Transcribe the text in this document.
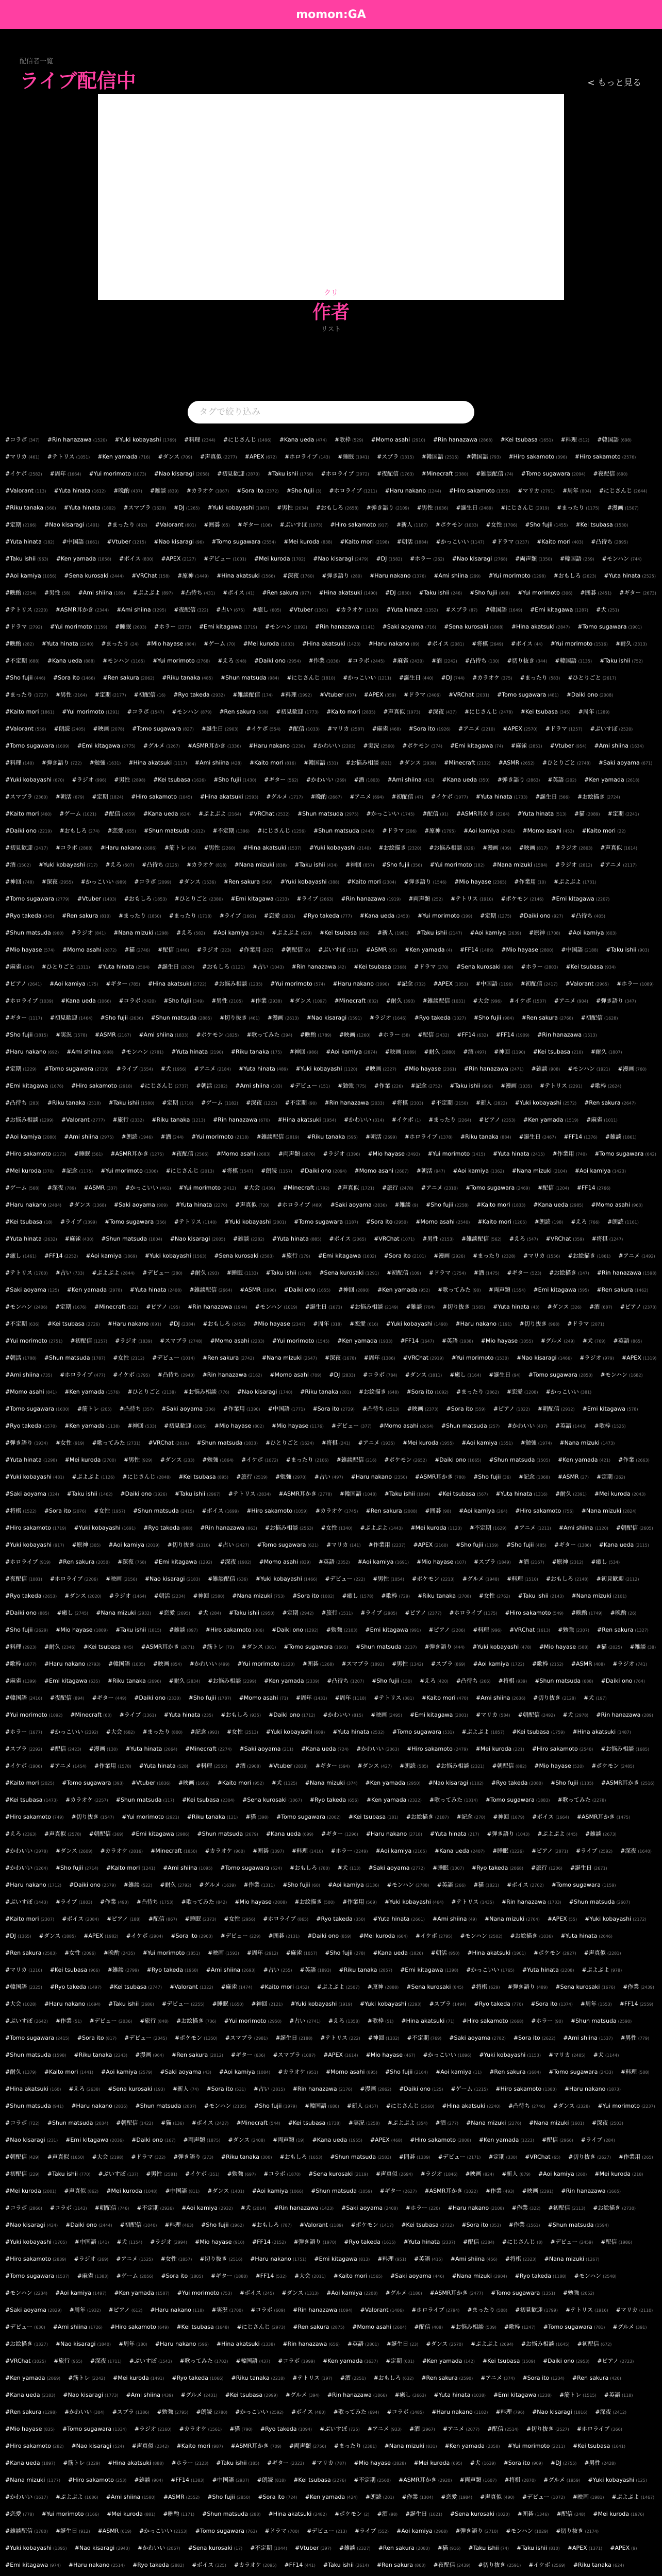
momon:GA
配信者一覧
ライブ配信中	< もっと見る
クリ
作者
リスト
タグで絞り込み
#コラボ (347) #Rin hanazawa (1520) #Yuki kobayashi (1769) #料理 (2344) #にじさんじ (1496) #Kana ueda (474) #歌枠 (529) #Momo asahi (2910) #Rin hanazawa (2868) #Kei tsubasa (1651) #料理 (512) #韓国語 (698)
#マリカ (461) #テトリス (1051) #Ken yamada (716) #ダンス (709) #声真似 (2277) #APEX (672) #ホロライブ (143) #睡眠 (1941) #スプラ (1315) #韓国語 (2516) #韓国語 (793) #Hiro sakamoto (396) #Hiro sakamoto (2576)
#イケボ (2582) #周年 (1664) #Yui morimoto (1073) #Nao kisaragi (2058) #初見歓迎 (2870) #Taku ishii (1758) #ホロライブ (2972) #夜配信 (1763) #Minecraft (2380) #雑談配信 (74) #Tomo sugawara (2094) #夜配信 (690)
#Valorant (113) #Yuta hinata (1612) #晩酌 (437) #雑談 (839) #カラオケ (1067) #Sora ito (2372) #Sho fujii (3) #ホロライブ (1211) #Haru nakano (1244) #Hiro sakamoto (1355) #マリカ (2791) #周年 (804) #にじさんじ (2644)
#Riku tanaka (560) #Yuta hinata (1802) #スマブラ (1620) #DJ (1265) #Yuki kobayashi (1987) #男性 (2034) #おもしろ (2658) #弾き語り (2109) #男性 (1636) #誕生日 (2489) #にじさんじ (2919) #まったり (1175) #漫画 (1507)
#定期 (2166) #Nao kisaragi (1401) #まったり (463) #Valorant (601) #囲碁 (65) #ギター (106) #ぶいすぽ (1973) #Hiro sakamoto (917) #新人 (1187) #ポケモン (1033) #女性 (1706) #Sho fujii (1455) #Kei tsubasa (1530)
#Yuta hinata (182) #中国語 (1661) #Vtuber (1215) #Nao kisaragi (96) #Tomo sugawara (2554) #Mei kuroda (838) #Kaito mori (2198) #朝活 (1884) #かっこいい (1147) #ドラマ (1237) #Kaito mori (403) #凸待ち (2895)
#Taku ishii (963) #Ken yamada (1858) #ボイス (830) #APEX (2127) #デビュー (1001) #Mei kuroda (1702) #Nao kisaragi (2479) #DJ (1582) #ホラー (262) #Nao kisaragi (2768) #両声類 (1350) #韓国語 (259) #モンハン (744)
#Aoi kamiya (1056) #Sena kurosaki (2444) #VRChat (158) #原神 (1449) #Hina akatsuki (1566) #深夜 (1760) #弾き語り (280) #Haru nakano (1376) #Ami shiina (299) #Yui morimoto (1298) #おもしろ (2623) #Yuta hinata (2525)
#晩酌 (2254) #男性 (58) #Ami shiina (189) #ぷよぷよ (897) #凸待ち (431) #ボイス (41) #Ren sakura (977) #Hina akatsuki (1490) #DJ (2830) #Taku ishii (246) #Sho fujii (988) #Yui morimoto (306) #囲碁 (2451) #ギター (2673)
#テトリス (2220) #ASMR耳かき (2344) #Ami shiina (1295) #夜配信 (322) #占い (675) #癒し (605) #Vtuber (1361) #カラオケ (1193) #Yuta hinata (1352) #スプラ (87) #韓国語 (1649) #Emi kitagawa (1287) #犬 (251)
#ドラマ (2792) #Yui morimoto (1159) #睡眠 (2603) #ホラー (2373) #Emi kitagawa (1719) #モンハン (1892) #Rin hanazawa (1141) #Saki aoyama (716) #Sena kurosaki (1868) #Hina akatsuki (2847) #Tomo sugawara (1901)
#晩酌 (282) #Yuta hinata (2240) #まったり (24) #Mio hayase (884) #ゲーム (70) #Mei kuroda (1833) #Hina akatsuki (1423) #Haru nakano (89) #ボイス (2081) #将棋 (2649) #ボイス (44) #Yui morimoto (1516) #耐久 (2313)
#不定期 (688) #Kana ueda (888) #モンハン (1165) #Yui morimoto (2768) #えろ (948) #Daiki ono (2954) #作業 (1036) #コラボ (2445) #麻雀 (2430) #酒 (2242) #凸待ち (130) #切り抜き (344) #韓国語 (1135) #Taku ishii (752)
#Sho fujii (446) #Sora ito (1466) #Ren sakura (2062) #Riku tanaka (485) #Shun matsuda (984) #にじさんじ (1810) #かっこいい (1211) #誕生日 (440) #DJ (744) #カラオケ (375) #まったり (583) #ひとりごと (2617)
#まったり (1727) #男性 (2164) #定期 (2177) #初配信 (16) #Ryo takeda (2932) #雑談配信 (174) #料理 (1992) #Vtuber (637) #APEX (359) #ドラマ (2406) #VRChat (2031) #Tomo sugawara (481) #Daiki ono (2008)
#Kaito mori (1861) #Yui morimoto (1291) #コラボ (1547) #モンハン (879) #Ren sakura (538) #初見歓迎 (1773) #Kaito mori (2835) #声真似 (1973) #深夜 (437) #にじさんじ (2478) #Kei tsubasa (345) #周年 (1289)
#Valorant (559) #朗読 (2405) #映画 (2078) #Tomo sugawara (827) #誕生日 (2903) #イケボ (554) #配信 (1033) #マリカ (2587) #麻雀 (468) #Sora ito (1926) #アニメ (2210) #APEX (2570) #ドラマ (1257) #ぶいすぽ (2520)
#Tomo sugawara (1609) #Emi kitagawa (2775) #グルメ (1267) #ASMR耳かき (1336) #Haru nakano (1230) #かわいい (2202) #実況 (2500) #ポケモン (374) #Emi kitagawa (74) #麻雀 (2851) #Vtuber (954) #Ami shiina (1634)
#料理 (140) #弾き語り (722) #勉強 (1631) #Hina akatsuki (1117) #Ami shiina (428) #Kaito mori (816) #韓国語 (531) #お悩み相談 (821) #ダンス (2938) #Minecraft (2132) #ASMR (2652) #ひとりごと (2748) #Saki aoyama (671)
#Yuki kobayashi (670) #ラジオ (996) #男性 (2898) #Kei tsubasa (1626) #Sho fujii (1430) #ギター (562) #かわいい (269) #酒 (1803) #Ami shiina (413) #Kana ueda (350) #弾き語り (2863) #英語 (202) #Ken yamada (2618)
#スマブラ (2360) #朝活 (679) #定期 (1824) #Hiro sakamoto (1045) #Hina akatsuki (2593) #グルメ (1717) #晩酌 (2667) #アニメ (694) #初配信 (47) #イケボ (1977) #Yuta hinata (1733) #誕生日 (566) #お絵描き (2724)
#Kaito mori (460) #ゲーム (1021) #配信 (2659) #Kana ueda (624) #ぷよぷよ (2164) #VRChat (2532) #Shun matsuda (2975) #かっこいい (1745) #配信 (91) #ASMR耳かき (2264) #Yuta hinata (513) #猫 (2089) #定期 (2241)
#Daiki ono (2219) #おもしろ (274) #恋愛 (655) #Shun matsuda (1612) #不定期 (1396) #にじさんじ (1256) #Shun matsuda (2443) #ドラマ (206) #原神 (1795) #Aoi kamiya (2461) #Momo asahi (453) #Kaito mori (22)
#初見歓迎 (2417) #コラボ (2888) #Haru nakano (2686) #筋トレ (60) #男性 (2260) #Hina akatsuki (1537) #Yuki kobayashi (2140) #お絵描き (2320) #お悩み相談 (326) #漫画 (409) #映画 (817) #ラジオ (2803) #声真似 (1614)
#酒 (1502) #Yuki kobayashi (717) #えろ (507) #凸待ち (2125) #カラオケ (818) #Nana mizuki (838) #Taku ishii (434) #神回 (857) #Sho fujii (356) #Yui morimoto (182) #Nana mizuki (1584) #ラジオ (2812) #アニメ (2117)
#神回 (748) #深夜 (2955) #かっこいい (989) #コラボ (2099) #ダンス (1536) #Ren sakura (549) #Yuki kobayashi (388) #Kaito mori (2304) #弾き語り (1546) #Mio hayase (2365) #作業用 (10) #ぷよぷよ (1731)
#Tomo sugawara (2779) #Vtuber (1403) #おもしろ (1853) #ひとりごと (2380) #Emi kitagawa (1233) #ライブ (2663) #Rin hanazawa (1919) #両声類 (252) #テトリス (1910) #ポケモン (2146) #Emi kitagawa (2207)
#Ryo takeda (345) #Ren sakura (810) #まったり (1850) #まったり (1718) #ライブ (1661) #恋愛 (2931) #Ryo takeda (777) #Kana ueda (2450) #Yui morimoto (199) #定期 (1275) #Daiki ono (927) #凸待ち (405)
#Shun matsuda (960) #ラジオ (841) #Nana mizuki (1298) #えろ (582) #Aoi kamiya (2942) #ぷよぷよ (629) #Kei tsubasa (892) #新人 (1981) #Taku ishii (2147) #Aoi kamiya (2639) #原神 (1708) #Aoi kamiya (603)
#Mio hayase (574) #Momo asahi (2872) #猫 (2746) #配信 (1446) #ラジオ (223) #作業用 (327) #朝配信 (6) #ぶいすぽ (512) #ASMR (95) #Ken yamada (4) #FF14 (1489) #Mio hayase (2800) #中国語 (2188) #Taku ishii (903)
#麻雀 (194) #ひとりごと (1311) #Yuta hinata (2504) #誕生日 (2024) #おもしろ (1121) #占い (1043) #Rin hanazawa (42) #Kei tsubasa (2368) #ドラマ (270) #Sena kurosaki (998) #ホラー (2803) #Kei tsubasa (934)
#ピアノ (2641) #Aoi kamiya (175) #ギター (785) #Hina akatsuki (2722) #お悩み相談 (1235) #Yui morimoto (574) #Haru nakano (1990) #記念 (732) #APEX (1051) #中国語 (1196) #初配信 (2417) #Valorant (2965) #ホラー (1089)
#ホロライブ (1039) #Kana ueda (1066) #コラボ (2420) #Sho fujii (349) #男性 (2105) #作業 (2938) #ダンス (1097) #Minecraft (832) #耐久 (393) #雑談配信 (1031) #大会 (996) #イケボ (1537) #アニメ (904) #弾き語り (347)
#ギター (1117) #初見歓迎 (1464) #Sho fujii (2636) #Shun matsuda (2885) #切り抜き (461) #漫画 (2613) #Nao kisaragi (1591) #ラジオ (1646) #Ryo takeda (1027) #Sho fujii (984) #Ren sakura (2768) #初配信 (1628)
#Sho fujii (1815) #実況 (1578) #ASMR (2167) #Ami shiina (1833) #ポケモン (1825) #歌ってみた (394) #晩酌 (1789) #映画 (1260) #ホラー (58) #配信 (2432) #FF14 (632) #FF14 (1909) #Rin hanazawa (1513)
#Haru nakano (692) #Ami shiina (698) #モンハン (2781) #Yuta hinata (2190) #Riku tanaka (175) #神回 (986) #Aoi kamiya (2874) #映画 (1089) #耐久 (2880) #酒 (497) #神回 (1190) #Kei tsubasa (210) #耐久 (1807)
#定期 (1229) #Tomo sugawara (2728) #ライブ (1554) #犬 (1956) #アニメ (2184) #Yuta hinata (489) #Yuki kobayashi (1120) #映画 (2327) #Mio hayase (2361) #Rin hanazawa (2471) #雑談 (908) #モンハン (1921) #漫画 (760)
#Emi kitagawa (1676) #Hiro sakamoto (2918) #にじさんじ (2737) #朝活 (2382) #Ami shiina (103) #デビュー (151) #勉強 (775) #作業 (226) #記念 (2752) #Taku ishii (606) #漫画 (1035) #テトリス (2291) #歌枠 (2624)
#凸待ち (283) #Riku tanaka (2518) #Taku ishii (1580) #定期 (1718) #ゲーム (1182) #深夜 (1223) #不定期 (90) #Rin hanazawa (2033) #将棋 (2303) #不定期 (2150) #新人 (2822) #Yuki kobayashi (2572) #Ren sakura (2647)
#お悩み相談 (1299) #Valorant (2777) #旅行 (2332) #Riku tanaka (1213) #Rin hanazawa (670) #Hina akatsuki (1954) #かわいい (314) #イケボ (1) #まったり (2264) #ピアノ (2353) #Ken yamada (1519) #麻雀 (1011)
#Aoi kamiya (2080) #Ami shiina (2975) #朗読 (1946) #酒 (244) #Yui morimoto (2118) #雑談配信 (2819) #Riku tanaka (595) #朝活 (2699) #ホロライブ (1378) #Riku tanaka (884) #誕生日 (2467) #FF14 (1376) #雑談 (1861)
#Hiro sakamoto (2173) #睡眠 (561) #ASMR耳かき (1275) #夜配信 (2566) #Momo asahi (2683) #両声類 (2876) #ラジオ (1396) #Mio hayase (2493) #Yui morimoto (1415) #Yuta hinata (2415) #作業用 (740) #Tomo sugawara (642)
#Mei kuroda (370) #記念 (1175) #Yui morimoto (1306) #にじさんじ (2013) #将棋 (1547) #朗読 (1157) #Daiki ono (2094) #Momo asahi (2607) #朝活 (947) #Aoi kamiya (1362) #Nana mizuki (2104) #Aoi kamiya (1423)
#ゲーム (568) #深夜 (789) #ASMR (337) #かっこいい (461) #Yui morimoto (2412) #大会 (1439) #Minecraft (1792) #声真似 (1721) #旅行 (2478) #アニメ (2310) #Tomo sugawara (2469) #配信 (1204) #FF14 (2766)
#Haru nakano (2404) #ダンス (1368) #Saki aoyama (909) #Yuta hinata (2276) #声真似 (720) #ホロライブ (489) #Saki aoyama (2836) #雑談 (9) #Sho fujii (2258) #Kaito mori (1833) #Kana ueda (2985) #Momo asahi (963)
#Kei tsubasa (18) #ライブ (1399) #Tomo sugawara (356) #テトリス (1140) #Yuki kobayashi (2001) #Tomo sugawara (1187) #Sora ito (2950) #Momo asahi (2540) #Kaito mori (1205) #朗読 (198) #えろ (766) #朗読 (1161)
#Yuta hinata (2632) #麻雀 (430) #Shun matsuda (1804) #Nao kisaragi (2005) #雑談 (2282) #Yuta hinata (885) #ボイス (2065) #VRChat (1071) #男性 (2153) #雑談配信 (562) #えろ (547) #VRChat (359) #将棋 (1247)
#癒し (1461) #FF14 (2252) #Aoi kamiya (1869) #Yuki kobayashi (1563) #Sena kurosaki (2583) #旅行 (179) #Emi kitagawa (1602) #Sora ito (2101) #漫画 (2926) #まったり (2328) #マリカ (1556) #お絵描き (1861) #アニメ (1492)
#テトリス (1700) #占い (733) #ぷよぷよ (2844) #デビュー (280) #耐久 (293) #睡眠 (1133) #Taku ishii (1048) #Sena kurosaki (1291) #初配信 (109) #ドラマ (1754) #酒 (1475) #ギター (523) #お絵描き (147) #Rin hanazawa (1598)
#Saki aoyama (125) #Ken yamada (2978) #Yuta hinata (2408) #雑談配信 (2664) #ASMR (1996) #Daiki ono (1655) #神回 (2890) #Ken yamada (952) #歌ってみた (90) #両声類 (1554) #Emi kitagawa (595) #Ren sakura (1462)
#モンハン (2406) #定期 (1676) #Minecraft (522) #ピアノ (195) #Rin hanazawa (1944) #モンハン (1019) #誕生日 (1671) #お悩み相談 (2149) #雑談 (704) #切り抜き (1585) #Yuta hinata (43) #ダンス (326) #酒 (687) #ピアノ (2373)
#不定期 (636) #Kei tsubasa (2726) #Haru nakano (891) #DJ (2384) #おもしろ (2452) #Mio hayase (2347) #周年 (318) #恋愛 (616) #Yuki kobayashi (1490) #Haru nakano (1191) #切り抜き (968) #ドラマ (2071)
#Yui morimoto (2751) #初配信 (1257) #ラジオ (1839) #スマブラ (2748) #Momo asahi (2233) #Yui morimoto (1545) #Ken yamada (1933) #FF14 (1647) #英語 (1938) #Mio hayase (1055) #グルメ (249) #犬 (769) #英語 (865)
#朝活 (1788) #Shun matsuda (1787) #女性 (2112) #デビュー (1014) #Ren sakura (2742) #Nana mizuki (2547) #深夜 (1678) #周年 (1386) #VRChat (2919) #Yui morimoto (1530) #Nao kisaragi (1466) #ラジオ (979) #APEX (1319)
#Ami shiina (735) #ホロライブ (477) #イケボ (1795) #凸待ち (2940) #Rin hanazawa (2162) #Momo asahi (709) #DJ (2833) #コラボ (784) #ダンス (1811) #癒し (1164) #誕生日 (94) #Tomo sugawara (2850) #モンハン (1682)
#Momo asahi (841) #Ken yamada (1576) #ひとりごと (2138) #お悩み相談 (776) #Nao kisaragi (1740) #Riku tanaka (281) #お絵描き (648) #Sora ito (1092) #まったり (2862) #恋愛 (1208) #かっこいい (381)
#Tomo sugawara (1630) #筋トレ (205) #凸待ち (357) #Saki aoyama (336) #作業用 (1390) #中国語 (1771) #Sora ito (2729) #凸待ち (2513) #映画 (2373) #Sora ito (559) #ピアノ (1322) #朝配信 (2912) #Emi kitagawa (578)
#Ryo takeda (1570) #Ken yamada (1138) #神回 (533) #初見歓迎 (1005) #Mio hayase (802) #Mio hayase (1176) #デビュー (377) #Momo asahi (2654) #Shun matsuda (257) #かわいい (437) #英語 (1443) #歌枠 (1525)
#弾き語り (1934) #女性 (919) #歌ってみた (2731) #VRChat (2619) #Shun matsuda (1833) #ひとりごと (1624) #将棋 (241) #アニメ (1935) #Mei kuroda (1955) #Aoi kamiya (1551) #勉強 (1974) #Nana mizuki (1473)
#Yuta hinata (1298) #Mei kuroda (2700) #男性 (929) #ダンス (233) #勉強 (1864) #イケボ (1072) #まったり (2106) #雑談配信 (216) #ポケモン (2652) #Daiki ono (1665) #Shun matsuda (1505) #Ken yamada (421) #作業 (2663)
#Yuki kobayashi (481) #ぷよぷよ (1126) #にじさんじ (2848) #Kei tsubasa (895) #旅行 (2519) #勉強 (2970) #占い (497) #Haru nakano (2350) #ASMR耳かき (780) #Sho fujii (36) #記念 (1368) #ASMR (27) #定期 (262)
#Saki aoyama (324) #Taku ishii (1462) #Daiki ono (1926) #Taku ishii (2967) #テトリス (2834) #ASMR耳かき (2778) #韓国語 (1048) #Taku ishii (1894) #Kei tsubasa (567) #Yuta hinata (1316) #耐久 (2391) #Mei kuroda (2043)
#将棋 (1522) #Sora ito (2076) #女性 (1957) #Shun matsuda (2415) #ボイス (1699) #Hiro sakamoto (1059) #カラオケ (1745) #Ren sakura (2008) #囲碁 (98) #Aoi kamiya (264) #Hiro sakamoto (756) #Nana mizuki (2824)
#Hiro sakamoto (1719) #Yuki kobayashi (1691) #Ryo takeda (988) #Rin hanazawa (863) #お悩み相談 (2563) #女性 (1340) #ぷよぷよ (1443) #Mei kuroda (1123) #不定期 (1629) #アニメ (1211) #Ami shiina (1120) #朝配信 (2605)
#Yuki kobayashi (917) #原神 (305) #Aoi kamiya (2019) #切り抜き (1310) #占い (2427) #Tomo sugawara (621) #マリカ (141) #作業用 (2237) #APEX (2160) #Sho fujii (1159) #Sho fujii (485) #ギター (1386) #Kana ueda (2115)
#ホロライブ (919) #Ren sakura (2050) #深夜 (758) #Emi kitagawa (1292) #深夜 (1902) #Momo asahi (839) #英語 (2352) #Aoi kamiya (1691) #Mio hayase (107) #スプラ (1849) #酒 (2167) #原神 (2312) #癒し (534)
#夜配信 (1081) #ホロライブ (2206) #映画 (2156) #Nao kisaragi (2183) #雑談配信 (536) #Yuki kobayashi (1466) #デビュー (222) #男性 (1054) #ポケモン (2213) #グルメ (1948) #料理 (1510) #おもしろ (2148) #初見歓迎 (2112)
#Ryo takeda (2653) #ダンス (2020) #ラジオ (1464) #朝活 (2234) #神回 (2580) #Nana mizuki (753) #Sora ito (1002) #癒し (1578) #歌枠 (729) #Riku tanaka (2708) #女性 (2762) #Taku ishii (2143) #Nana mizuki (2101)
#Daiki ono (885) #癒し (2745) #Nana mizuki (2932) #恋愛 (2695) #犬 (284) #Taku ishii (2950) #定期 (2942) #旅行 (1511) #ライブ (2905) #ピアノ (2377) #ホロライブ (1175) #Hiro sakamoto (549) #晩酌 (1749) #晩酌 (26)
#Sho fujii (2629) #Mio hayase (1809) #Taku ishii (1815) #雑談 (897) #Hiro sakamoto (306) #Daiki ono (1292) #勉強 (2103) #Emi kitagawa (991) #ピアノ (2206) #料理 (996) #VRChat (1613) #勉強 (2307) #Ren sakura (1327)
#料理 (2923) #耐久 (2346) #Kei tsubasa (845) #ASMR耳かき (2671) #筋トレ (73) #ダンス (301) #Tomo sugawara (1605) #Shun matsuda (2237) #弾き語り (444) #Yuki kobayashi (478) #Mio hayase (588) #猫 (2025) #雑談 (38)
#歌枠 (1877) #Haru nakano (2793) #韓国語 (1035) #映画 (854) #かわいい (499) #Yui morimoto (1220) #囲碁 (1268) #スマブラ (1892) #男性 (1342) #スプラ (869) #Aoi kamiya (1722) #歌枠 (2152) #ASMR (408) #ラジオ (741)
#麻雀 (1399) #Emi kitagawa (635) #Riku tanaka (2696) #耐久 (2834) #お悩み相談 (2299) #Ken yamada (2339) #凸待ち (1207) #Sho fujii (150) #えろ (420) #凸待ち (266) #将棋 (939) #Shun matsuda (688) #Daiki ono (764)
#韓国語 (2416) #夜配信 (894) #ギター (449) #Daiki ono (2330) #Sho fujii (1787) #Momo asahi (71) #周年 (1431) #周年 (1118) #テトリス (381) #Kaito mori (470) #Ami shiina (2636) #切り抜き (2128) #犬 (197)
#Yui morimoto (1092) #Minecraft (63) #ライブ (1361) #Yuta hinata (235) #おもしろ (935) #Daiki ono (1712) #かわいい (815) #映画 (2495) #Emi kitagawa (2001) #マリカ (584) #朝配信 (2492) #犬 (2978) #Rin hanazawa (289)
#ホラー (1677) #かっこいい (2392) #大会 (682) #まったり (800) #記念 (993) #女性 (2513) #Yuki kobayashi (609) #Yuta hinata (2532) #Tomo sugawara (531) #ぷよぷよ (1857) #Kei tsubasa (1759) #Hina akatsuki (1487)
#スプラ (2292) #配信 (2423) #漫画 (130) #Yuta hinata (2664) #Minecraft (2274) #Saki aoyama (211) #Kana ueda (724) #かわいい (2063) #Hiro sakamoto (2479) #Mei kuroda (221) #Hiro sakamoto (2540) #お悩み相談 (1685)
#イケボ (1906) #アニメ (1454) #作業用 (1578) #Yuta hinata (528) #料理 (2555) #酒 (2908) #Vtuber (2838) #ギター (594) #ダンス (427) #朗読 (585) #お悩み相談 (2321) #朝配信 (882) #Mio hayase (520) #ポケモン (2485)
#Kaito mori (2025) #Tomo sugawara (393) #Vtuber (1836) #映画 (1606) #Kaito mori (952) #犬 (1125) #Nana mizuki (374) #Ken yamada (2950) #Nao kisaragi (1102) #Ryo takeda (2080) #Sho fujii (1135) #ASMR耳かき (2516)
#Kei tsubasa (1473) #カラオケ (2257) #Shun matsuda (117) #Kei tsubasa (2304) #Sena kurosaki (1067) #Ryo takeda (656) #Ken yamada (2322) #歌ってみた (1314) #Tomo sugawara (1883) #歌ってみた (2278)
#Hiro sakamoto (749) #切り抜き (1547) #Yui morimoto (2921) #Riku tanaka (121) #猫 (398) #Tomo sugawara (2002) #Kei tsubasa (181) #お絵描き (2187) #記念 (270) #神回 (1679) #ボイス (1664) #ASMR耳かき (1475)
#えろ (2363) #声真似 (2578) #朝配信 (369) #Emi kitagawa (2986) #Shun matsuda (2679) #Kana ueda (699) #ギター (1296) #Haru nakano (2718) #Yuta hinata (217) #弾き語り (1043) #ぷよぷよ (445) #雑談 (2673)
#かわいい (2978) #ダンス (2609) #カラオケ (2816) #Minecraft (1850) #カラオケ (960) #囲碁 (1397) #料理 (1410) #ホラー (2249) #Aoi kamiya (2165) #Kana ueda (2407) #睡眠 (1226) #ピアノ (2871) #ライブ (2592) #深夜 (1640)
#かわいい (1264) #Sho fujii (2714) #Kaito mori (1241) #Ami shiina (1095) #Tomo sugawara (524) #おもしろ (780) #犬 (113) #Saki aoyama (2772) #睡眠 (1007) #Ryo takeda (2068) #旅行 (1206) #誕生日 (2671)
#Haru nakano (1712) #Daiki ono (2579) #雑談 (522) #耐久 (2792) #グルメ (1639) #作業 (1311) #Sho fujii (60) #Aoi kamiya (2136) #モンハン (2788) #英語 (266) #猫 (1821) #ボイス (2702) #Tomo sugawara (1159)
#ぶいすぽ (1443) #ライブ (1803) #作業 (490) #凸待ち (1753) #歌ってみた (842) #Mio hayase (2008) #お絵描き (500) #作業用 (569) #Yuki kobayashi (464) #テトリス (1435) #Rin hanazawa (1733) #Shun matsuda (2607)
#Kaito mori (2307) #ボイス (2084) #ピアノ (188) #配信 (867) #睡眠 (2373) #女性 (2956) #ホロライブ (865) #Ryo takeda (350) #Yuta hinata (2661) #Ami shiina (49) #Nana mizuki (2764) #APEX (55) #Yuki kobayashi (2172)
#DJ (1365) #ダンス (1885) #APEX (1982) #イケボ (2904) #Sora ito (2903) #デビュー (229) #囲碁 (2131) #Daiki ono (859) #Mei kuroda (664) #イケボ (2795) #モンハン (2502) #お絵描き (1036) #Yuta hinata (2646)
#Ren sakura (2583) #女性 (2096) #晩酌 (2435) #Yui morimoto (1851) #映画 (1593) #周年 (2912) #麻雀 (1057) #Sho fujii (278) #Kana ueda (1826) #朝活 (950) #Hina akatsuki (1901) #ポケモン (2927) #声真似 (2281)
#マリカ (1210) #Kei tsubasa (966) #雑談 (2799) #Ryo takeda (1958) #Ami shiina (2693) #占い (255) #英語 (1893) #Riku tanaka (2857) #Emi kitagawa (1398) #かっこいい (1765) #Yuta hinata (2208) #ぷよぷよ (978)
#韓国語 (2325) #Ryo takeda (1497) #Kei tsubasa (2747) #Valorant (1322) #麻雀 (1474) #Kaito mori (1452) #ぷよぷよ (2507) #原神 (2888) #Sena kurosaki (845) #将棋 (629) #弾き語り (489) #Sena kurosaki (1676) #作業 (2439)
#大会 (1028) #Haru nakano (1694) #Taku ishii (2686) #デビュー (2255) #睡眠 (1650) #神回 (2121) #Yuki kobayashi (1919) #Yuki kobayashi (2293) #スプラ (1494) #Ryo takeda (770) #Sora ito (1374) #周年 (1553) #FF14 (2559)
#ぶいすぽ (2642) #作業 (51) #デビュー (2036) #旅行 (848) #お絵描き (736) #Yui morimoto (2950) #占い (2741) #えろ (1358) #歌枠 (51) #Hina akatsuki (71) #Hiro sakamoto (2668) #ホラー (90) #Shun matsuda (2590)
#Tomo sugawara (2415) #Sora ito (817) #デビュー (2045) #ポケモン (1350) #スマブラ (2981) #誕生日 (2188) #テトリス (222) #神回 (1332) #不定期 (769) #Saki aoyama (2782) #Sora ito (2622) #Ami shiina (1537) #男性 (779)
#Shun matsuda (1598) #Riku tanaka (2243) #漫画 (964) #Ren sakura (2012) #ギター (636) #スマブラ (1087) #APEX (1614) #Mio hayase (467) #かっこいい (1896) #Yuki kobayashi (1153) #マリカ (2485) #犬 (1144)
#耐久 (1379) #Kaito mori (1441) #Aoi kamiya (2579) #Saki aoyama (43) #Aoi kamiya (1084) #カラオケ (951) #Momo asahi (895) #Sho fujii (2164) #Aoi kamiya (11) #Ren sakura (1684) #Tomo sugawara (2433) #料理 (508)
#Hina akatsuki (160) #えろ (2638) #Sena kurosaki (193) #新人 (74) #Sora ito (531) #占い (2815) #Rin hanazawa (2176) #漫画 (2862) #Daiki ono (125) #ゲーム (1215) #Hiro sakamoto (1380) #Haru nakano (1873)
#Shun matsuda (941) #Haru nakano (2836) #Shun matsuda (2807) #モンハン (2105) #Sho fujii (1979) #韓国語 (680) #新人 (2457) #にじさんじ (2560) #Hina akatsuki (2240) #凸待ち (2746) #ダンス (2328) #Yui morimoto (2237)
#コラボ (722) #Shun matsuda (2034) #朝配信 (1422) #猫 (136) #ボイス (2427) #Minecraft (544) #Kei tsubasa (1738) #実況 (1258) #ぷよぷよ (354) #酒 (277) #Nana mizuki (2276) #Nana mizuki (1601) #深夜 (2503)
#Nao kisaragi (231) #Emi kitagawa (2036) #Daiki ono (167) #両声類 (1875) #ダンス (2408) #両声類 (19) #Kana ueda (1955) #APEX (468) #Hiro sakamoto (2808) #Ken yamada (1223) #配信 (2966) #ライブ (284)
#朝配信 (429) #声真似 (1650) #大会 (2198) #ドラマ (322) #弾き語り (273) #Riku tanaka (300) #おもしろ (1653) #Shun matsuda (2583) #囲碁 (1339) #デビュー (2171) #定期 (330) #VRChat (65) #切り抜き (2627) #作業用 (265)
#初配信 (229) #Taku ishii (770) #ぶいすぽ (137) #男性 (2581) #イケボ (351) #勉強 (697) #コラボ (1870) #Sena kurosaki (2119) #声真似 (2694) #ラジオ (1846) #映画 (824) #新人 (879) #Aoi kamiya (260) #Mei kuroda (218)
#Mei kuroda (2001) #声真似 (862) #Mei kuroda (1048) #中国語 (811) #ダンス (1401) #Aoi kamiya (1066) #Shun matsuda (1059) #ギター (2627) #ASMR耳かき (1022) #作業 (493) #映画 (2291) #Rin hanazawa (1665)
#コラボ (2866) #コラボ (1143) #朝配信 (746) #不定期 (2926) #Aoi kamiya (2932) #犬 (2014) #Rin hanazawa (1423) #Saki aoyama (2408) #ホラー (220) #Haru nakano (2108) #作業 (322) #初配信 (2113) #お絵描き (2730)
#Nao kisaragi (424) #Daiki ono (2444) #初配信 (1040) #料理 (463) #Sho fujii (1962) #おもしろ (787) #Valorant (1189) #ポケモン (1417) #Kei tsubasa (2722) #Sora ito (353) #作業 (1561) #Shun matsuda (1594)
#Yuki kobayashi (1705) #中国語 (141) #犬 (1154) #ラジオ (2994) #Mio hayase (910) #FF14 (2152) #弾き語り (1970) #Ryo takeda (1615) #Yuta hinata (2337) #配信 (2384) #にじさんじ (8) #デビュー (2459) #配信 (1986)
#Hiro sakamoto (2839) #ラジオ (269) #アニメ (1525) #女性 (1857) #切り抜き (2516) #Haru nakano (1751) #Emi kitagawa (813) #料理 (951) #英語 (415) #Ami shiina (456) #将棋 (2323) #Nana mizuki (1267)
#Tomo sugawara (1537) #麻雀 (1383) #ゲーム (2056) #Sora ito (1805) #ギター (1880) #FF14 (532) #大会 (2011) #Kaito mori (1565) #Saki aoyama (446) #Nana mizuki (2904) #Ryo takeda (1188) #モンハン (2548)
#モンハン (2234) #Aoi kamiya (1497) #Ken yamada (1587) #Yui morimoto (753) #ボイス (245) #ダンス (1313) #Aoi kamiya (2208) #グルメ (1180) #ASMR耳かき (2477) #Tomo sugawara (1351) #勉強 (2052)
#Saki aoyama (2829) #周年 (1932) #ピアノ (612) #Haru nakano (118) #実況 (1700) #コラボ (609) #Rin hanazawa (1094) #Valorant (1406) #ホロライブ (2794) #まったり (508) #初見歓迎 (1799) #テトリス (1916) #マリカ (2110)
#デビュー (630) #Ami shiina (1726) #Hiro sakamoto (649) #Kei tsubasa (1648) #にじさんじ (2973) #Ren sakura (2875) #Momo asahi (2604) #配信 (408) #お悩み相談 (539) #歌枠 (1247) #Tomo sugawara (781) #グルメ (391)
#お絵描き (1327) #Nao kisaragi (1840) #周年 (180) #Haru nakano (596) #Hina akatsuki (1338) #Rin hanazawa (656) #英語 (2801) #誕生日 (23) #ダンス (2570) #ぷよぷよ (2694) #お悩み相談 (1645) #初配信 (672)
#VRChat (1025) #旅行 (955) #深夜 (1711) #ぶいすぽ (1543) #歌ってみた (1702) #韓国語 (437) #コラボ (1999) #Ken yamada (1637) #定期 (601) #Ken yamada (142) #Kei tsubasa (1509) #Daiki ono (2953) #ピアノ (2723)
#Ken yamada (2069) #筋トレ (2242) #Mei kuroda (1491) #Ryo takeda (1066) #Riku tanaka (2218) #テトリス (197) #酒 (2251) #おもしろ (632) #Ren sakura (2590) #アニメ (374) #Sora ito (1234) #Ren sakura (420)
#Kana ueda (2183) #Nao kisaragi (1773) #Ami shiina (439) #グルメ (2431) #Kei tsubasa (2999) #グルメ (394) #Rin hanazawa (1866) #癒し (2663) #Yuta hinata (1038) #Emi kitagawa (1238) #筋トレ (1515) #英語 (118)
#Ren sakura (1298) #かわいい (304) #スプラ (1386) #勉強 (2795) #朗読 (2780) #かっこいい (2592) #ボイス (480) #歌ってみた (694) #コラボ (1485) #Haru nakano (1102) #料理 (796) #Nao kisaragi (1816) #深夜 (2412)
#Mio hayase (835) #Tomo sugawara (1334) #ラジオ (2160) #カラオケ (1561) #猫 (790) #Ryo takeda (1094) #ぶいすぽ (725) #アニメ (933) #酒 (2967) #アニメ (2077) #配信 (2514) #切り抜き (2527) #ホロライブ (366)
#Hiro sakamoto (282) #Nao kisaragi (524) #声真似 (2342) #Kaito mori (987) #ASMR耳かき (709) #両声類 (2756) #まったり (2381) #Nana mizuki (831) #Ken yamada (2358) #Yui morimoto (2211) #Kei tsubasa (1641)
#Kana ueda (1897) #筋トレ (1229) #Hina akatsuki (888) #ホラー (2123) #Taku ishii (185) #ギター (2323) #マリカ (787) #Mio hayase (2828) #Mei kuroda (695) #犬 (1639) #Sora ito (909) #DJ (2755) #男性 (2428)
#Nana mizuki (1177) #Hiro sakamoto (253) #雑談 (904) #FF14 (1383) #中国語 (2937) #朗読 (818) #Kei tsubasa (2276) #不定期 (2560) #ASMR耳かき (2920) #両声類 (1607) #将棋 (2870) #グルメ (1959) #Yuki kobayashi (125)
#かわいい (1617) #ぷよぷよ (1686) #Ami shiina (1580) #ASMR (2552) #Sho fujii (2850) #Sora ito (724) #Ken yamada (424) #朗読 (201) #作業 (1304) #恋愛 (1984) #声真似 (490) #デビュー (1072) #映画 (1981) #ぷよぷよ (1467)
#恋愛 (778) #Yui morimoto (1166) #Mei kuroda (881) #晩酌 (1171) #Shun matsuda (288) #Hina akatsuki (2482) #ポケモン (2) #酒 (98) #誕生日 (1021) #Sena kurosaki (1020) #囲碁 (1346) #配信 (248) #Mei kuroda (1976)
#雑談配信 (1780) #誕生日 (912) #ASMR (619) #かっこいい (2153) #Tomo sugawara (763) #ドラマ (700) #デビュー (213) #ライブ (552) #Aoi kamiya (2968) #弾き語り (2710) #モンハン (1029) #切り抜き (2174)
#Yuki kobayashi (1395) #Nao kisaragi (2943) #かわいい (2067) #Sena kurosaki (17) #不定期 (1044) #Vtuber (397) #雑談 (2327) #Ren sakura (2083) #猫 (916) #Taku ishii (74) #Taku ishii (810) #APEX (1371) #APEX (9)
#Emi kitagawa (974) #Haru nakano (2514) #Ryo takeda (2882) #ボイス (325) #カラオケ (2095) #FF14 (441) #Taku ishii (2614) #Ren sakura (863) #夜配信 (2439) #切り抜き (2591) #イケボ (2569) #Riku tanaka (624)
